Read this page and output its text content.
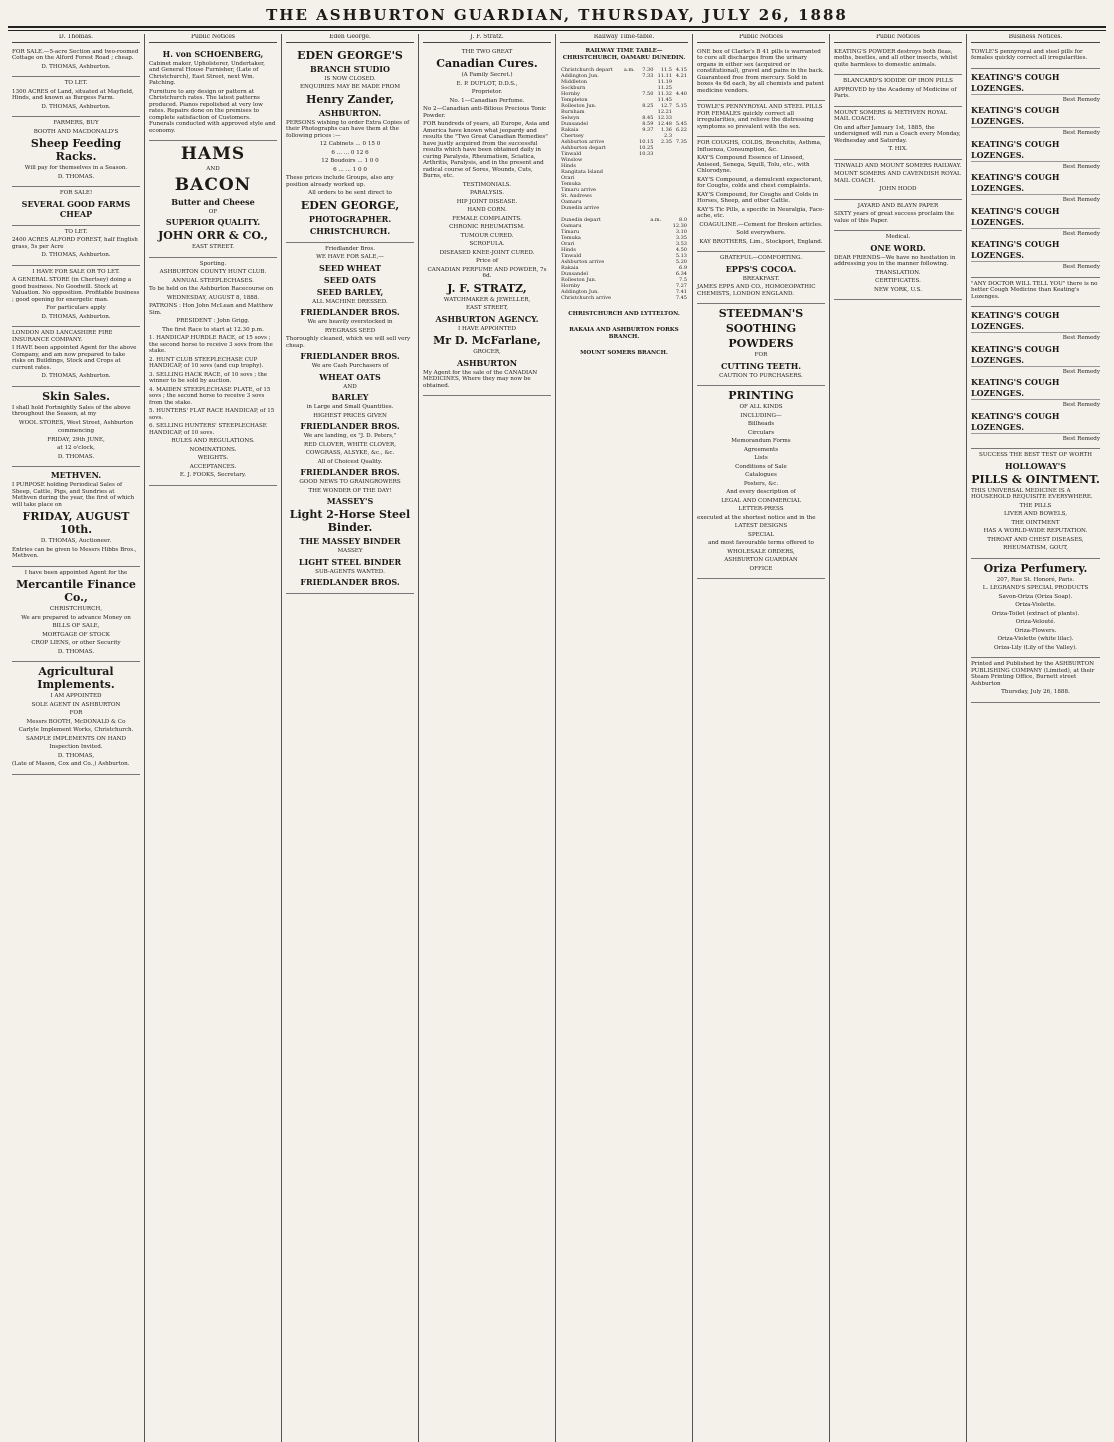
THE ASHBURTON GUARDIAN, THURSDAY, JULY 26, 1888
D. Thomas.

FOR SALE.—5-acre Section and two-roomed Cottage on the Alford Forest Road ; cheap.

D. THOMAS, Ashburton.

TO LET.

1300 ACRES of Land, situated at Mayfield, Hinds, and known as Burgess Farm.

D. THOMAS, Ashburton.

FARMERS, BUY

BOOTH AND MACDONALD'S

Sheep Feeding Racks.

Will pay for themselves in a Season.

D. THOMAS.

FOR SALE!

SEVERAL GOOD FARMS CHEAP

TO LET.

2400 ACRES ALFORD FOREST, half English grass, 5s per Acre

D. THOMAS, Ashburton.

I HAVE FOR SALE OR TO LET.

A GENERAL STORE (in Chertsey) doing a good business. No Goodwill. Stock at Valuation. No opposition. Profitable business ; good opening for energetic man.

For particulars apply

D. THOMAS, Ashburton.

LONDON AND LANCASHIRE FIRE INSURANCE COMPANY.

I HAVE been appointed Agent for the above Company, and am now prepared to take risks on Buildings, Stock and Crops at current rates.

D. THOMAS, Ashburton.

Skin Sales.

I shall hold Fortnightly Sales of the above throughout the Season, at my

WOOL STORES, West Street, Ashburton

commencing

FRIDAY, 29th JUNE,

at 12 o'clock,

D. THOMAS.

METHVEN.

I PURPOSE holding Periodical Sales of Sheep, Cattle, Pigs, and Sundries at Methven during the year, the first of which will take place on

FRIDAY, AUGUST 10th.

D. THOMAS, Auctioneer.

Entries can be given to Messrs Hibbs Bros., Methven.

I have been appointed Agent for the

Mercantile Finance Co.,

CHRISTCHURCH,

We are prepared to advance Money on

BILLS OF SALE,

MORTGAGE OF STOCK

CROP LIENS, or other Security

D. THOMAS.

Agricultural Implements.

I AM APPOINTED

SOLE AGENT IN ASHBURTON

FOR

Messrs BOOTH, McDONALD & Co

Carlyle Implement Works, Christchurch.

SAMPLE IMPLEMENTS ON HAND

Inspection Invited.

D. THOMAS,

(Late of Mason, Cox and Co.,) Ashburton.

Public Notices

H. von SCHOENBERG,

Cabinet maker, Upholsterer, Undertaker, and General House Furnisher, (Late of Christchurch), East Street, next Wm. Patching.

Furniture to any design or pattern at Christchurch rates. The latest patterns produced. Pianos repolished at very low rates. Repairs done on the premises to complete satisfaction of Customers. Funerals conducted with approved style and economy.

HAMS

AND

BACON

Butter and Cheese

OF

SUPERIOR QUALITY.

JOHN ORR & CO.,

EAST STREET.

Sporting.

ASHBURTON COUNTY HUNT CLUB.

ANNUAL STEEPLECHASES.

To be held on the Ashburton Racecourse on

WEDNESDAY, AUGUST 8, 1888.

PATRONS : Hon John McLean and Matthew Sim.

PRESIDENT : John Grigg.

The first Race to start at 12.30 p.m.

1. HANDICAP HURDLE RACE, of 15 sovs ; the second horse to receive 3 sovs from the stake.

2. HUNT CLUB STEEPLECHASE CUP HANDICAP, of 10 sovs (and cup trophy).

3. SELLING HACK RACE, of 10 sovs ; the winner to be sold by auction.

4. MAIDEN STEEPLECHASE PLATE, of 15 sovs ; the second horse to receive 3 sovs from the stake.

5. HUNTERS' FLAT RACE HANDICAP, of 15 sovs.

6. SELLING HUNTERS' STEEPLECHASE HANDICAP, of 10 sovs.

RULES AND REGULATIONS.

NOMINATIONS.

WEIGHTS.

ACCEPTANCES.

E. J. FOOKS, Secretary.

Eden George.

EDEN GEORGE'S

BRANCH STUDIO

IS NOW CLOSED.

ENQUIRIES MAY BE MADE FROM

Henry Zander,

ASHBURTON.

PERSONS wishing to order Extra Copies of their Photographs can have them at the following prices :—

12 Cabinets ... 0 15 0

6 ... ... 0 12 6

12 Boudoirs ... 1 0 0

6 ... ... 1 0 0

These prices include Groups, also any position already worked up.

All orders to be sent direct to

EDEN GEORGE,

PHOTOGRAPHER.

CHRISTCHURCH.

Friedlander Bros.

WE HAVE FOR SALE,—

SEED WHEAT

SEED OATS

SEED BARLEY,

ALL MACHINE DRESSED.

FRIEDLANDER BROS.

We are heavily overstocked in

RYEGRASS SEED

Thoroughly cleaned, which we will sell very cheap.

FRIEDLANDER BROS.

We are Cash Purchasers of

WHEAT OATS

AND

BARLEY

in Large and Small Quantities.

HIGHEST PRICES GIVEN

FRIEDLANDER BROS.

We are landing, ex "J. D. Peters,"

RED CLOVER, WHITE CLOVER,

COWGRASS, ALSYKE, &c., &c.

All of Choicest Quality.

FRIEDLANDER BROS.

GOOD NEWS TO GRAINGROWERS

THE WONDER OF THE DAY!

MASSEY'S

Light 2-Horse Steel Binder.

THE MASSEY BINDER

MASSEY

LIGHT STEEL BINDER

SUB-AGENTS WANTED.

FRIEDLANDER BROS.

J. F. Stratz.

THE TWO GREAT

Canadian Cures.

(A Family Secret.)

E. P. DUFLOT, D.D.S.,

Proprietor.

No. 1—Canadian Perfume.

No 2—Canadian anti-Bilious Precious Tonic Powder.

FOR hundreds of years, all Europe, Asia and America have known what jeopardy and results the "Two Great Canadian Remedies" have justly acquired from the successful results which have been obtained daily in curing Paralysis, Rheumatism, Sciatica, Arthritis, Paralysis, and in the present and radical course of Sores, Wounds, Cuts, Burns, etc.

TESTIMONIALS.

PARALYSIS.

HIP JOINT DISEASE.

HAND CORN.

FEMALE COMPLAINTS.

CHRONIC RHEUMATISM.

TUMOUR CURED.

SCROFULA.

DISEASED KNEE-JOINT CURED.

Price of

CANADIAN PERFUME AND POWDER, 7s 6d.

J. F. STRATZ,

WATCHMAKER & JEWELLER,

EAST STREET,

ASHBURTON AGENCY.

I HAVE APPOINTED

Mr D. McFarlane,

GROCER,

ASHBURTON

My Agent for the sale of the CANADIAN MEDICINES, Where they may now be obtained.

Railway Time-table.

RAILWAY TIME TABLE—CHRISTCHURCH, OAMARU DUNEDIN.

Christchurch depart	a.m.	7.30	11.5	4.15
Addington Jun.		7.33	11.11	4.21
Middleton			11.19	
Sockburn			11.25	
Hornby		7.50	11.32	4.40
Templeton			11.45	
Rolleston Jun.		8.25	12.7	5.15
Burnham			12.21	
Selwyn		8.45	12.33	
Dunsandel		8.59	12.48	5.45
Rakaia		9.37	1.36	6.22
Chertsey			2.3	
Ashburton arrive		10.15	2.35	7.35
Ashburton depart		10.25		
Tinwald		10.33		
Winslow				
Hinds				
Rangitata Island				
Orari				
Temuka				
Timaru arrive				
St. Andrews				
Oamaru				
Dunedin arrive				
Dunedin depart	a.m.	8.0
Oamaru		12.30
Timaru		3.10
Temuka		3.35
Orari		3.53
Hinds		4.50
Tinwald		5.13
Ashburton arrive		5.20
Rakaia		6.9
Dunsandel		6.34
Rolleston Jun.		7.5
Hornby		7.27
Addington Jun.		7.41
Christchurch arrive		7.45

CHRISTCHURCH AND LYTTELTON.

RAKAIA AND ASHBURTON FORKS BRANCH.

MOUNT SOMERS BRANCH.

Public Notices

ONE box of Clarke's B 41 pills is warranted to cure all discharges from the urinary organs in either sex (acquired or constitutional), gravel and pains in the back. Guaranteed free from mercury. Sold in boxes 4s 6d each, by all chemists and patent medicine vendors.

TOWLE'S PENNYROYAL AND STEEL PILLS FOR FEMALES quickly correct all irregularities, and relieve the distressing symptoms so prevalent with the sex.

FOR COUGHS, COLDS, Bronchitis, Asthma, Influenza, Consumption, &c.

KAY'S Compound Essence of Linseed, Aniseed, Senega, Squill, Tolu, etc., with Chlorodyne.

KAY'S Compound, a demulcent expectorant, for Coughs, colds and chest complaints.

KAY'S Compound, for Coughs and Colds in Horses, Sheep, and other Cattle.

KAY'S Tic Pills, a specific in Neuralgia, Face-ache, etc.

COAGULINE.—Cement for Broken articles.

Sold everywhere.

KAY BROTHERS, Lim., Stockport, England.

GRATEFUL—COMFORTING.

EPPS'S COCOA.

BREAKFAST.

JAMES EPPS AND CO., HOMOEOPATHIC CHEMISTS, LONDON ENGLAND.

STEEDMAN'S

SOOTHING

POWDERS

FOR

CUTTING TEETH.

CAUTION TO PURCHASERS.

PRINTING

OF ALL KINDS

INCLUDING—

Billheads

Circulars

Memorandum Forms

Agreements

Lists

Conditions of Sale

Catalogues

Posters, &c.

And every description of

LEGAL AND COMMERCIAL

LETTER-PRESS

executed at the shortest notice and in the

LATEST DESIGNS

SPECIAL

and most favourable terms offered to

WHOLESALE ORDERS,

ASHBURTON GUARDIAN

OFFICE

Public Notices

KEATING'S POWDER destroys both fleas, moths, beetles, and all other insects, whilst quite harmless to domestic animals.

BLANCARD'S IODIDE OF IRON PILLS

APPROVED by the Academy of Medicine of Paris.

MOUNT SOMERS & METHVEN ROYAL MAIL COACH.

On and after January 1st, 1885, the undersigned will run a Coach every Monday, Wednesday and Saturday.

T. HIX.

TINWALD AND MOUNT SOMERS RAILWAY.

MOUNT SOMERS AND CAVENDISH ROYAL MAIL COACH.

JOHN HOOD

JAYARD AND BLAYN PAPER

SIXTY years of great success proclaim the value of this Paper.

Medical.

ONE WORD.

DEAR FRIENDS—We have no hesitation in addressing you in the manner following.

TRANSLATION.

CERTIFICATES.

NEW YORK, U.S.

Business Notices.

TOWLE'S pennyroyal and steel pills for females quickly correct all irregularities.

KEATING'S COUGH LOZENGES.

Best Remedy

KEATING'S COUGH LOZENGES.

Best Remedy

KEATING'S COUGH LOZENGES.

Best Remedy

KEATING'S COUGH LOZENGES.

Best Remedy

KEATING'S COUGH LOZENGES.

Best Remedy

KEATING'S COUGH LOZENGES.

Best Remedy

"ANY DOCTOR WILL TELL YOU" there is no better Cough Medicine than Keating's Lozenges.

KEATING'S COUGH LOZENGES.

Best Remedy

KEATING'S COUGH LOZENGES.

Best Remedy

KEATING'S COUGH LOZENGES.

Best Remedy

KEATING'S COUGH LOZENGES.

Best Remedy

SUCCESS THE BEST TEST OF WORTH

HOLLOWAY'S

PILLS & OINTMENT.

THIS UNIVERSAL MEDICINE IS A HOUSEHOLD REQUISITE EVERYWHERE.

THE PILLS

LIVER AND BOWELS,

THE OINTMENT

HAS A WORLD-WIDE REPUTATION.

THROAT AND CHEST DISEASES,

RHEUMATISM, GOUT,

Oriza Perfumery.

207, Rue St. Honoré, Paris.

L. LEGRAND'S SPECIAL PRODUCTS

Savon-Oriza (Oriza Soap).

Oriza-Violette.

Oriza-Toilet (extract of plants).

Oriza-Velouté.

Oriza-Flowers.

Oriza-Violette (white lilac).

Oriza-Lily (Lily of the Valley).

Printed and Published by the ASHBURTON PUBLISHING COMPANY (Limited), at their Steam Printing Office, Burnett street Ashburton

Thursday, July 26, 1888.
